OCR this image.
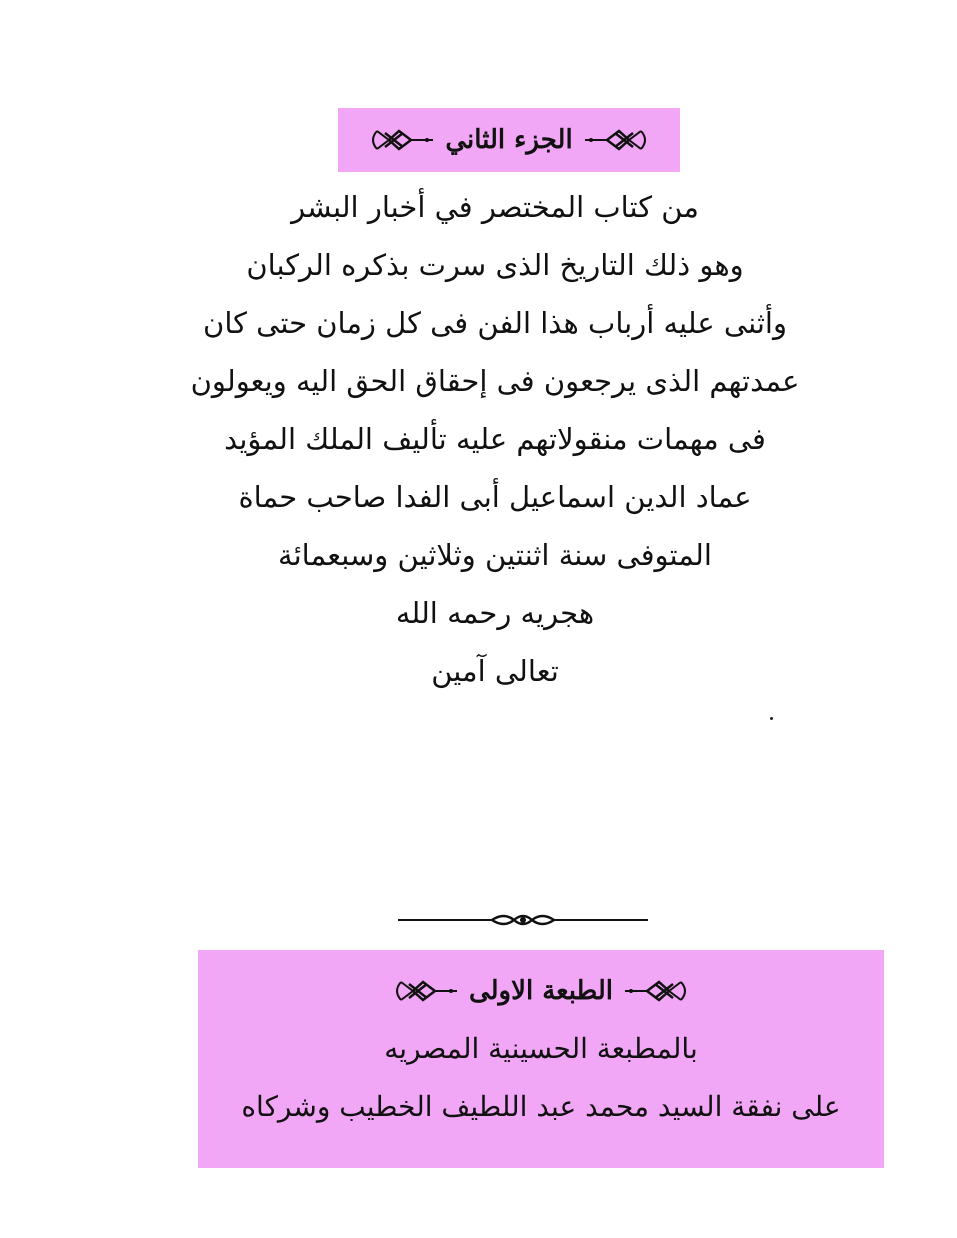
الجزء الثاني
من كتاب المختصر في أخبار البشر
وهو ذلك التاريخ الذى سرت بذكره الركبان
وأثنى عليه أرباب هذا الفن فى كل زمان حتى كان
عمدتهم الذى يرجعون فى إحقاق الحق اليه ويعولون
فى مهمات منقولاتهم عليه تأليف الملك المؤيد
عماد الدين اسماعيل أبى الفدا صاحب حماة
المتوفى سنة اثنتين وثلاثين وسبعمائة
هجريه رحمه الله
تعالى آمين
الطبعة الاولى
بالمطبعة الحسينية المصريه
على نفقة السيد محمد عبد اللطيف الخطيب وشركاه
